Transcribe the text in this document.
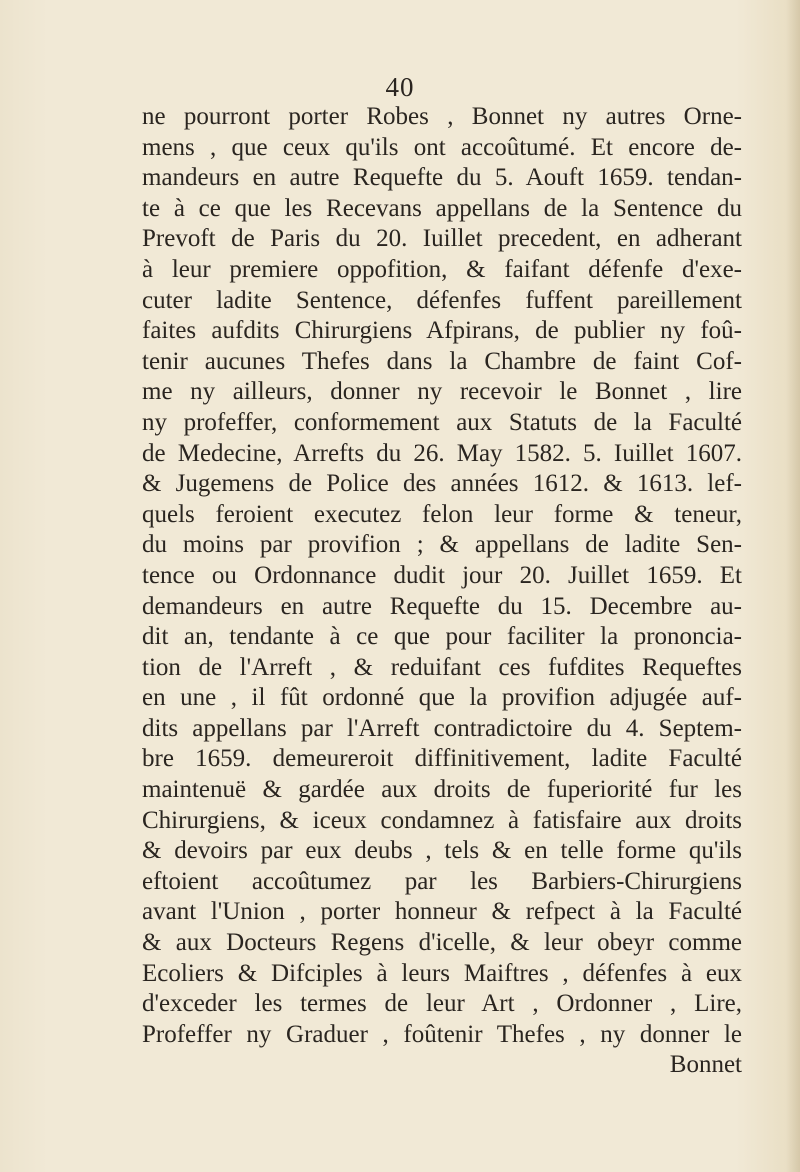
40
ne pourront porter Robes , Bonnet ny autres Orne-
mens , que ceux qu'ils ont accoûtumé. Et encore de-
mandeurs en autre Requefte du 5. Aouft 1659. tendan-
te à ce que les Recevans appellans de la Sentence du
Prevoft de Paris du 20. Iuillet precedent, en adherant
à leur premiere oppofition, & faifant défenfe d'exe-
cuter ladite Sentence, défenfes fuffent pareillement
faites aufdits Chirurgiens Afpirans, de publier ny foû-
tenir aucunes Thefes dans la Chambre de faint Cof-
me ny ailleurs, donner ny recevoir le Bonnet , lire
ny profeffer, conformement aux Statuts de la Faculté
de Medecine, Arrefts du 26. May 1582. 5. Iuillet 1607.
& Jugemens de Police des années 1612. & 1613. lef-
quels feroient executez felon leur forme & teneur,
du moins par provifion ; & appellans de ladite Sen-
tence ou Ordonnance dudit jour 20. Juillet 1659. Et
demandeurs en autre Requefte du 15. Decembre au-
dit an, tendante à ce que pour faciliter la prononcia-
tion de l'Arreft , & reduifant ces fufdites Requeftes
en une , il fût ordonné que la provifion adjugée auf-
dits appellans par l'Arreft contradictoire du 4. Septem-
bre 1659. demeureroit diffinitivement, ladite Faculté
maintenuë & gardée aux droits de fuperiorité fur les
Chirurgiens, & iceux condamnez à fatisfaire aux droits
& devoirs par eux deubs , tels & en telle forme qu'ils
eftoient accoûtumez par les Barbiers-Chirurgiens
avant l'Union , porter honneur & refpect à la Faculté
& aux Docteurs Regens d'icelle, & leur obeyr comme
Ecoliers & Difciples à leurs Maiftres , défenfes à eux
d'exceder les termes de leur Art , Ordonner , Lire,
Profeffer ny Graduer , foûtenir Thefes , ny donner le
Bonnet
